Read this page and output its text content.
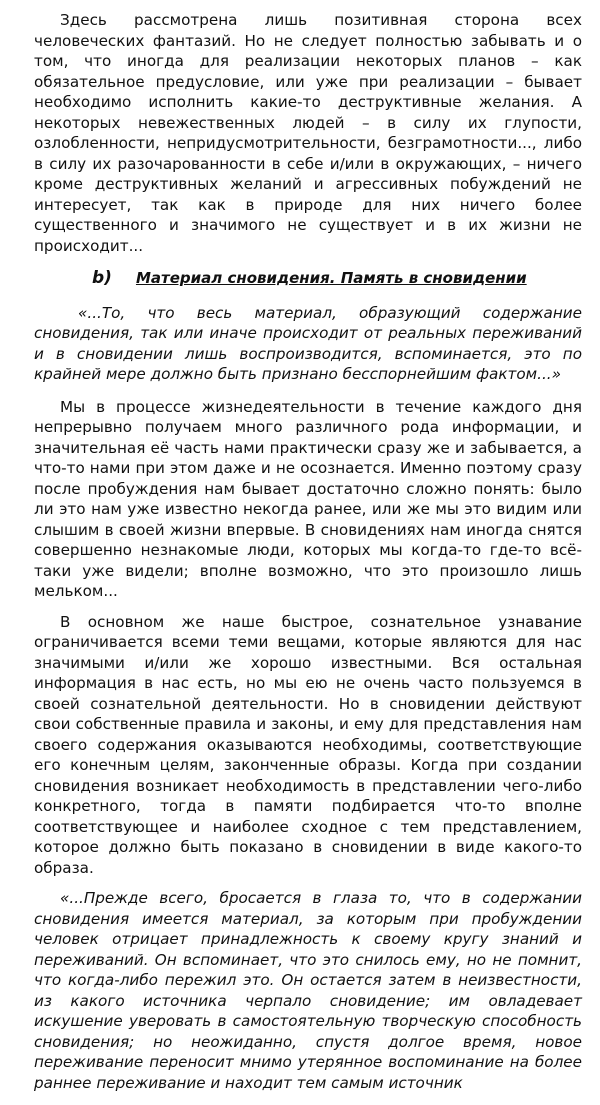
Здесь рассмотрена лишь позитивная сторона всех человеческих фантазий. Но не следует полностью забывать и о том, что иногда для реализации некоторых планов – как обязательное предусловие, или уже при реализации – бывает необходимо исполнить какие-то деструктивные желания. А некоторых невежественных людей – в силу их глупости, озлобленности, непридусмотрительности, безграмотности..., либо в силу их разочарованности в себе и/или в окружающих, – ничего кроме деструктивных желаний и агрессивных побуждений не интересует, так как в природе для них ничего более существенного и значимого не существует и в их жизни не происходит...

b) Материал сновидения. Память в сновидении

«...То, что весь материал, образующий содержание сновидения, так или иначе происходит от реальных переживаний и в сновидении лишь воспроизводится, вспоминается, это по крайней мере должно быть признано бесспорнейшим фактом...»

Мы в процессе жизнедеятельности в течение каждого дня непрерывно получаем много различного рода информации, и значительная её часть нами практически сразу же и забывается, а что-то нами при этом даже и не осознается. Именно поэтому сразу после пробуждения нам бывает достаточно сложно понять: было ли это нам уже известно некогда ранее, или же мы это видим или слышим в своей жизни впервые. В сновидениях нам иногда снятся совершенно незнакомые люди, которых мы когда-то где-то всё-таки уже видели; вполне возможно, что это произошло лишь мельком...

В основном же наше быстрое, сознательное узнавание ограничивается всеми теми вещами, которые являются для нас значимыми и/или же хорошо известными. Вся остальная информация в нас есть, но мы ею не очень часто пользуемся в своей сознательной деятельности. Но в сновидении действуют свои собственные правила и законы, и ему для представления нам своего содержания оказываются необходимы, соответствующие его конечным целям, законченные образы. Когда при создании сновидения возникает необходимость в представлении чего-либо конкретного, тогда в памяти подбирается что-то вполне соответствующее и наиболее сходное с тем представлением, которое должно быть показано в сновидении в виде какого-то образа.

«...Прежде всего, бросается в глаза то, что в содержании сновидения имеется материал, за которым при пробуждении человек отрицает принадлежность к своему кругу знаний и переживаний. Он вспоминает, что это снилось ему, но не помнит, что когда-либо пережил это. Он остается затем в неизвестности, из какого источника черпало сновидение; им овладевает искушение уверовать в самостоятельную творческую способность сновидения; но неожиданно, спустя долгое время, новое переживание переносит мнимо утерянное воспоминание на более раннее переживание и находит тем самым источник
